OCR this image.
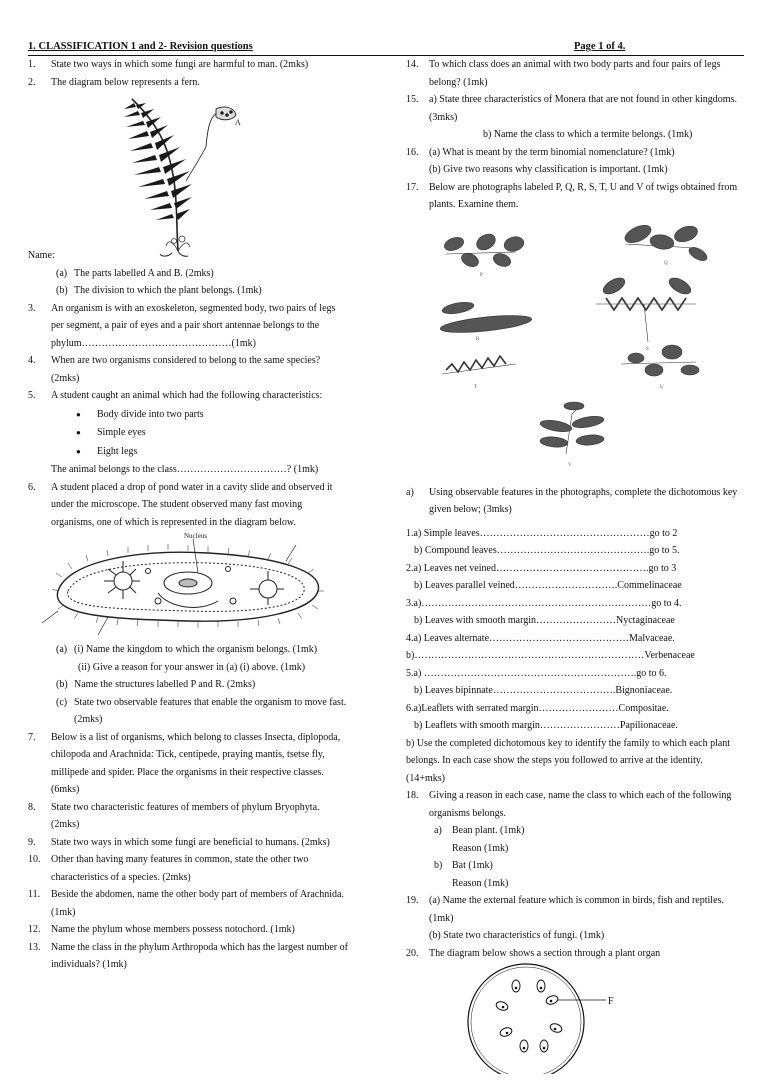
1. CLASSIFICATION 1 and 2- Revision questions	Page 1 of 4.
1. State two ways in which some fungi are harmful to man. (2mks)
2. The diagram below represents a fern.
A
Name:
(a) The parts labelled A and B. (2mks)
(b) The division to which the plant belongs. (1mk)
3. An organism is with an exoskeleton, segmented body, two pairs of legs per segment, a pair of eyes and a pair short antennae belongs to the phylum………………………………………(1mk)
4. When are two organisms considered to belong to the same species? (2mks)
5. A student caught an animal which had the following characteristics:
● Body divide into two parts
● Simple eyes
● Eight legs
The animal belongs to the class……………………………? (1mk)
6. A student placed a drop of pond water in a cavity slide and observed it under the microscope. The student observed many fast moving organisms, one of which is represented in the diagram below.
Nucleus
(a) (i) Name the kingdom to which the organism belongs. (1mk)
(ii) Give a reason for your answer in (a) (i) above. (1mk)
(b) Name the structures labelled P and R. (2mks)
(c) State two observable features that enable the organism to move fast. (2mks)
7. Below is a list of organisms, which belong to classes Insecta, diplopoda, chilopoda and Arachnida: Tick, centipede, praying mantis, tsetse fly, millipede and spider. Place the organisms in their respective classes.(6mks)
8. State two characteristic features of members of phylum Bryophyta. (2mks)
9. State two ways in which some fungi are beneficial to humans. (2mks)
10. Other than having many features in common, state the other two characteristics of a species. (2mks)
11. Beside the abdomen, name the other body part of members of Arachnida. (1mk)
12. Name the phylum whose members possess notochord. (1mk)
13. Name the class in the phylum Arthropoda which has the largest number of individuals? (1mk)
14. To which class does an animal with two body parts and four pairs of legs belong? (1mk)
15. a) State three characteristics of Monera that are not found in other kingdoms. (3mks)
b) Name the class to which a termite belongs. (1mk)
16. (a) What is meant by the term binomial nomenclature? (1mk)
(b) Give two reasons why classification is important. (1mk)
17. Below are photographs labeled P, Q, R, S, T, U and V of twigs obtained from plants. Examine them.
P
Q
R
S
T	U
V
a) Using observable features in the photographs, complete the dichotomous key given below; (3mks)
1.a) Simple leaves……………………………………………go to 2
b) Compound leaves……………………………………….go to 5.
2.a) Leaves net veined……………………………………….go to 3
b) Leaves parallel veined………………………….Commelinaceae
3.a)……………………………………………………………go to 4.
b) Leaves with smooth margin……………………Nyctaginaceae
4.a) Leaves alternate……………………………………Malvaceae.
b)……………………………………………………………Verbenaceae
5.a) ……………………………………………………….go to 6.
b) Leaves bipinnate……………………………….Bignoniaceae.
6.a)Leaflets with serrated margin……………………Compositae.
b) Leaflets with smooth margin……………………Papilionaceae.
b) Use the completed dichotomous key to identify the family to which each plant belongs. In each case show the steps you followed to arrive at the identity. (14+mks)
18. Giving a reason in each case, name the class to which each of the following organisms belongs.
a) Bean plant. (1mk)
Reason (1mk)
b) Bat (1mk)
Reason (1mk)
19. (a) Name the external feature which is common in birds, fish and reptiles. (1mk)
(b) State two characteristics of fungi. (1mk)
20. The diagram below shows a section through a plant organ
F
